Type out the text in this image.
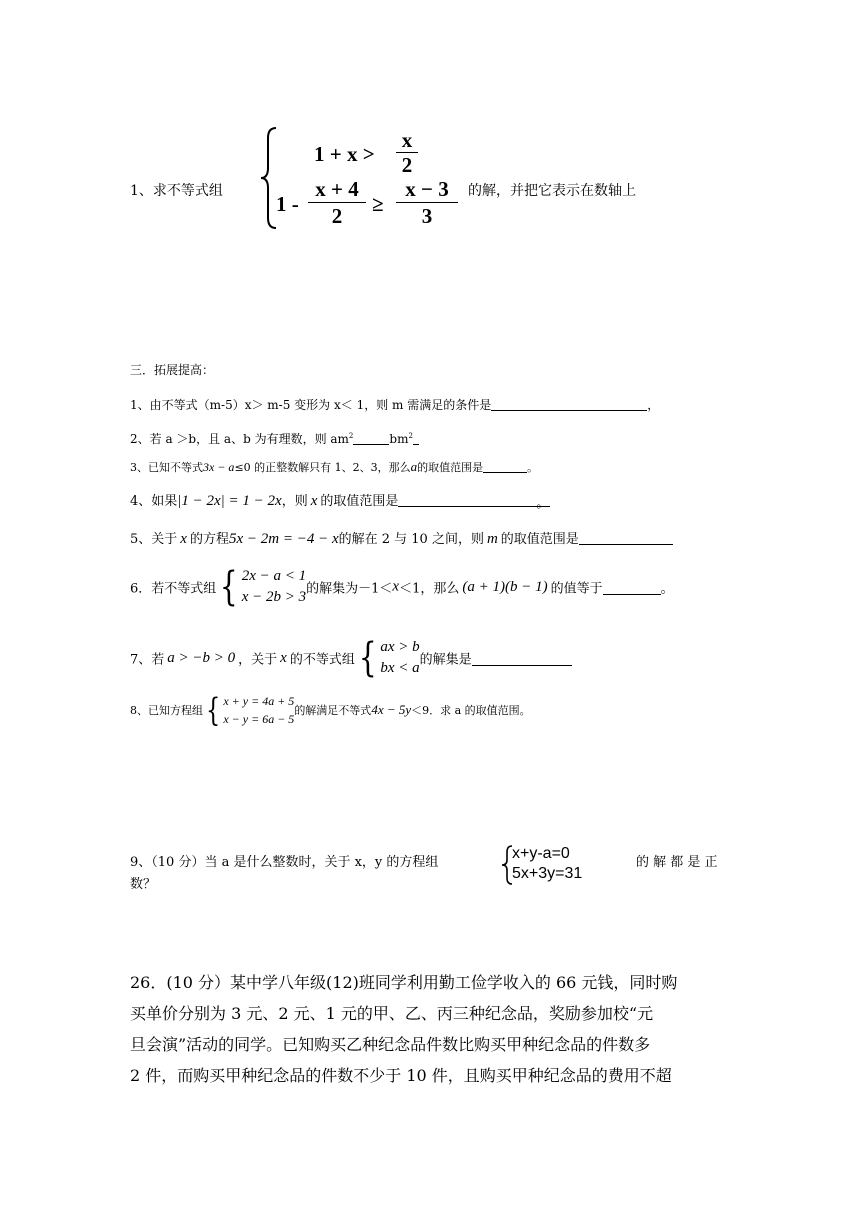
1、求不等式组
$1 + x > \frac{x}{2}$
$1 - \frac{x + 4}{2} \ge \frac{x - 3}{3}$ 的解，并把它表示在数轴上
三．拓展提高：
1、由不等式（m-5）x＞ m-5 变形为 x＜ 1，则 m 需满足的条件是	，
2、若 a ＞b，且 a、b 为有理数，则 $am^2$	$bm^2$
3、已知不等式3x − a≤0 的正整数解只有 1、2、3，那么a的取值范围是	。
4、如果|1 − 2x| = 1 − 2x，则 x 的取值范围是	。
5、关于 x 的方程5x − 2m = −4 − x的解在 2 与 10 之间，则 m 的取值范围是
6．若不等式组 { 2x − a < 1
x − 2b > 3 的解集为－1＜x＜1，那么 (a + 1)(b − 1) 的值等于	。
7、若 a > −b > 0 ，关于 x 的不等式组 { ax > b
bx < a 的解集是
8、已知方程组 { x + y = 4a + 5
x − y = 6a − 5
的解满足不等式4x − 5y＜9．求 a 的取值范围。
9、（10 分）当 a 是什么整数时，关于 x，y 的方程组
x+y-a=0
5x+3y=31
的 解 都 是 正
数？
26．(10 分）某中学八年级(12)班同学利用勤工俭学收入的 66 元钱，同时购
买单价分别为 3 元、2 元、1 元的甲、乙、丙三种纪念品，奖励参加校“元
旦会演”活动的同学。已知购买乙种纪念品件数比购买甲种纪念品的件数多
2 件，而购买甲种纪念品的件数不少于 10 件，且购买甲种纪念品的费用不超
